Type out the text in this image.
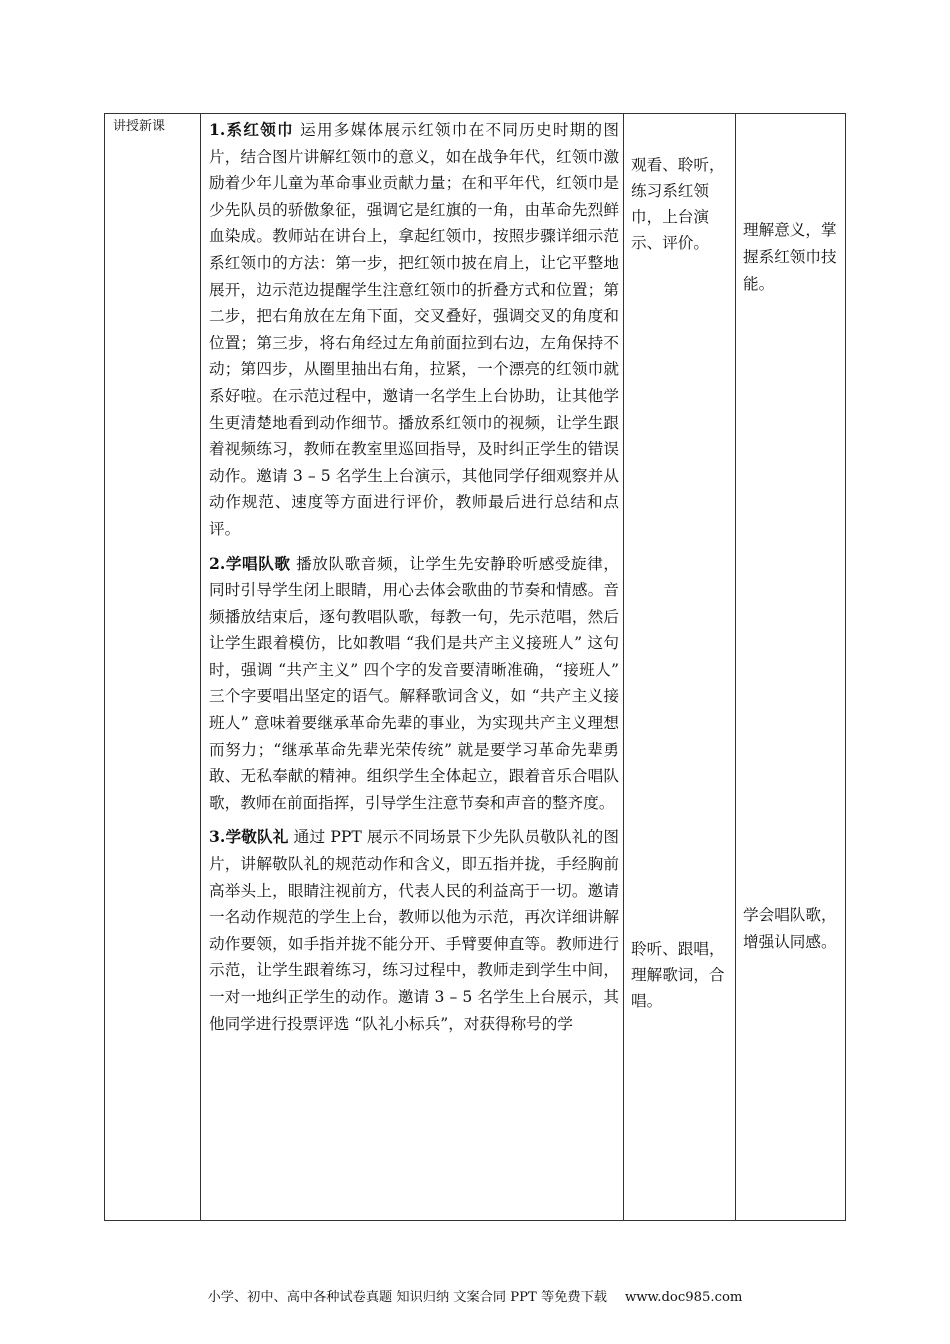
讲授新课	1.系红领巾 运用多媒体展示红领巾在不同历史时期的图片，结合图片讲解红领巾的意义，如在战争年代，红领巾激励着少年儿童为革命事业贡献力量；在和平年代，红领巾是少先队员的骄傲象征，强调它是红旗的一角，由革命先烈鲜血染成。教师站在讲台上，拿起红领巾，按照步骤详细示范系红领巾的方法：第一步，把红领巾披在肩上，让它平整地展开，边示范边提醒学生注意红领巾的折叠方式和位置；第二步，把右角放在左角下面，交叉叠好，强调交叉的角度和位置；第三步，将右角经过左角前面拉到右边，左角保持不动；第四步，从圈里抽出右角，拉紧，一个漂亮的红领巾就系好啦。在示范过程中，邀请一名学生上台协助，让其他学生更清楚地看到动作细节。播放系红领巾的视频，让学生跟着视频练习，教师在教室里巡回指导，及时纠正学生的错误动作。邀请 3 – 5 名学生上台演示，其他同学仔细观察并从动作规范、速度等方面进行评价，教师最后进行总结和点评。

2.学唱队歌 播放队歌音频，让学生先安静聆听感受旋律，同时引导学生闭上眼睛，用心去体会歌曲的节奏和情感。音频播放结束后，逐句教唱队歌，每教一句，先示范唱，然后让学生跟着模仿，比如教唱 “我们是共产主义接班人” 这句时，强调 “共产主义” 四个字的发音要清晰准确，“接班人” 三个字要唱出坚定的语气。解释歌词含义，如 “共产主义接班人” 意味着要继承革命先辈的事业，为实现共产主义理想而努力；“继承革命先辈光荣传统” 就是要学习革命先辈勇敢、无私奉献的精神。组织学生全体起立，跟着音乐合唱队歌，教师在前面指挥，引导学生注意节奏和声音的整齐度。

3.学敬队礼 通过 PPT 展示不同场景下少先队员敬队礼的图片，讲解敬队礼的规范动作和含义，即五指并拢，手经胸前高举头上，眼睛注视前方，代表人民的利益高于一切。邀请一名动作规范的学生上台，教师以他为示范，再次详细讲解动作要领，如手指并拢不能分开、手臂要伸直等。教师进行示范，让学生跟着练习，练习过程中，教师走到学生中间，一对一地纠正学生的动作。邀请 3 – 5 名学生上台展示，其他同学进行投票评选 “队礼小标兵”，对获得称号的学

观看、聆听，练习系红领巾，上台演示、评价。
聆听、跟唱，理解歌词，合唱。
理解意义，掌握系红领巾技能。
学会唱队歌，增强认同感。
小学、初中、高中各种试卷真题 知识归纳 文案合同 PPT 等免费下载 www.doc985.com
